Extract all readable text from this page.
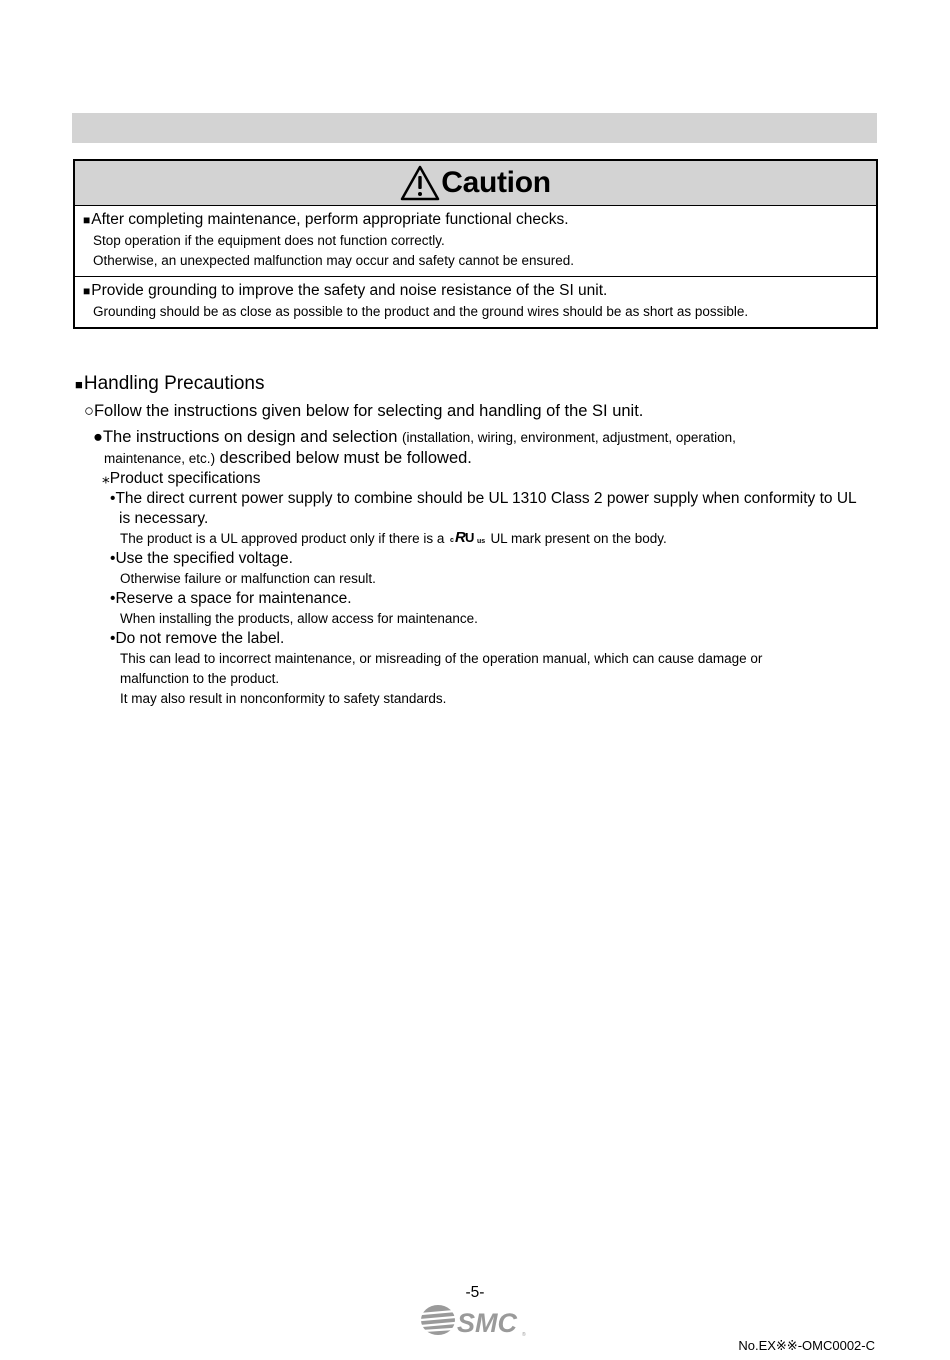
Caution
■After completing maintenance, perform appropriate functional checks.
Stop operation if the equipment does not function correctly.
Otherwise, an unexpected malfunction may occur and safety cannot be ensured.
■Provide grounding to improve the safety and noise resistance of the SI unit.
Grounding should be as close as possible to the product and the ground wires should be as short as possible.
■Handling Precautions
○Follow the instructions given below for selecting and handling of the SI unit.
●The instructions on design and selection (installation, wiring, environment, adjustment, operation,
maintenance, etc.) described below must be followed.
⁎Product specifications
•The direct current power supply to combine should be UL 1310 Class 2 power supply when conformity to UL
is necessary.
The product is a UL approved product only if there is a c R U us UL mark present on the body.
•Use the specified voltage.
Otherwise failure or malfunction can result.
•Reserve a space for maintenance.
When installing the products, allow access for maintenance.
•Do not remove the label.
This can lead to incorrect maintenance, or misreading of the operation manual, which can cause damage or
malfunction to the product.
It may also result in nonconformity to safety standards.
-5-
SMC ®
No.EX※※-OMC0002-C
